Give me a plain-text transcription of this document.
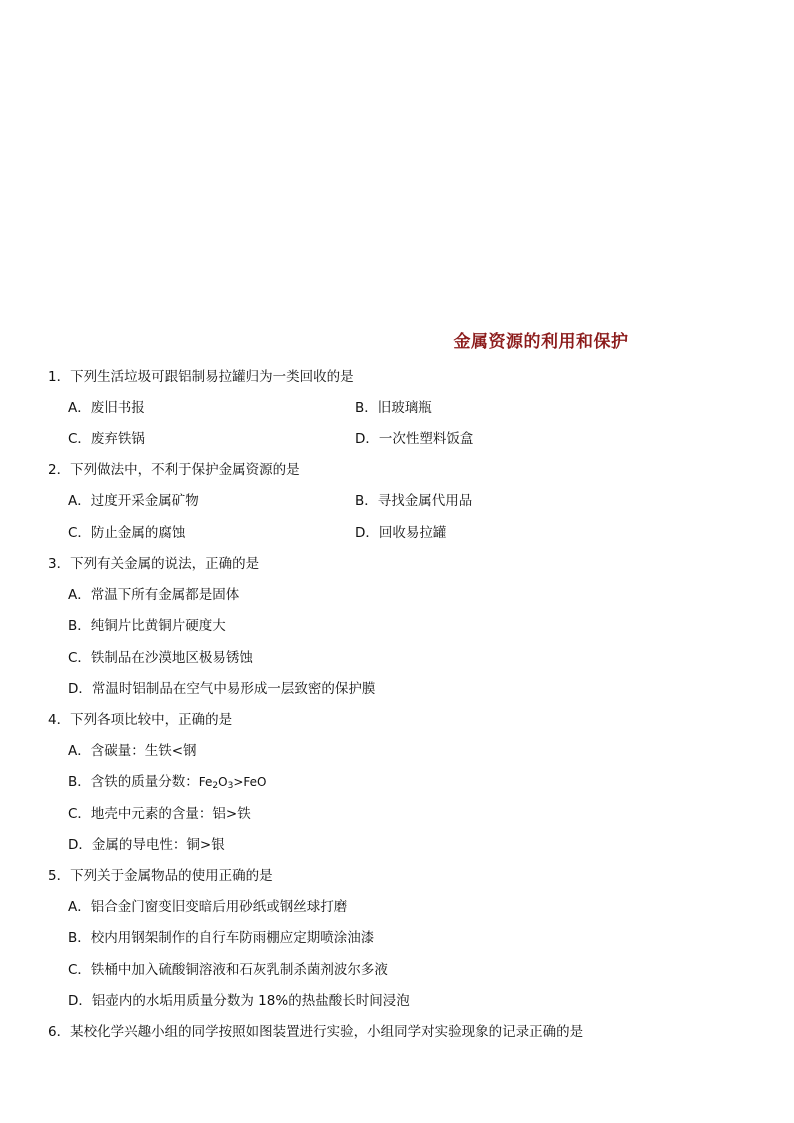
金属资源的利用和保护
1．下列生活垃圾可跟铝制易拉罐归为一类回收的是
A．废旧书报	B．旧玻璃瓶
C．废弃铁锅	D．一次性塑料饭盒
2．下列做法中，不利于保护金属资源的是
A．过度开采金属矿物	B．寻找金属代用品
C．防止金属的腐蚀	D．回收易拉罐
3．下列有关金属的说法，正确的是
A．常温下所有金属都是固体
B．纯铜片比黄铜片硬度大
C．铁制品在沙漠地区极易锈蚀
D．常温时铝制品在空气中易形成一层致密的保护膜
4．下列各项比较中，正确的是
A．含碳量：生铁<钢
B．含铁的质量分数：$Fe_2O_3>FeO$
C．地壳中元素的含量：铝>铁
D．金属的导电性：铜>银
5．下列关于金属物品的使用正确的是
A．铝合金门窗变旧变暗后用砂纸或钢丝球打磨
B．校内用钢架制作的自行车防雨棚应定期喷涂油漆
C．铁桶中加入硫酸铜溶液和石灰乳制杀菌剂波尔多液
D．铝壶内的水垢用质量分数为 18%的热盐酸长时间浸泡
6．某校化学兴趣小组的同学按照如图装置进行实验，小组同学对实验现象的记录正确的是
